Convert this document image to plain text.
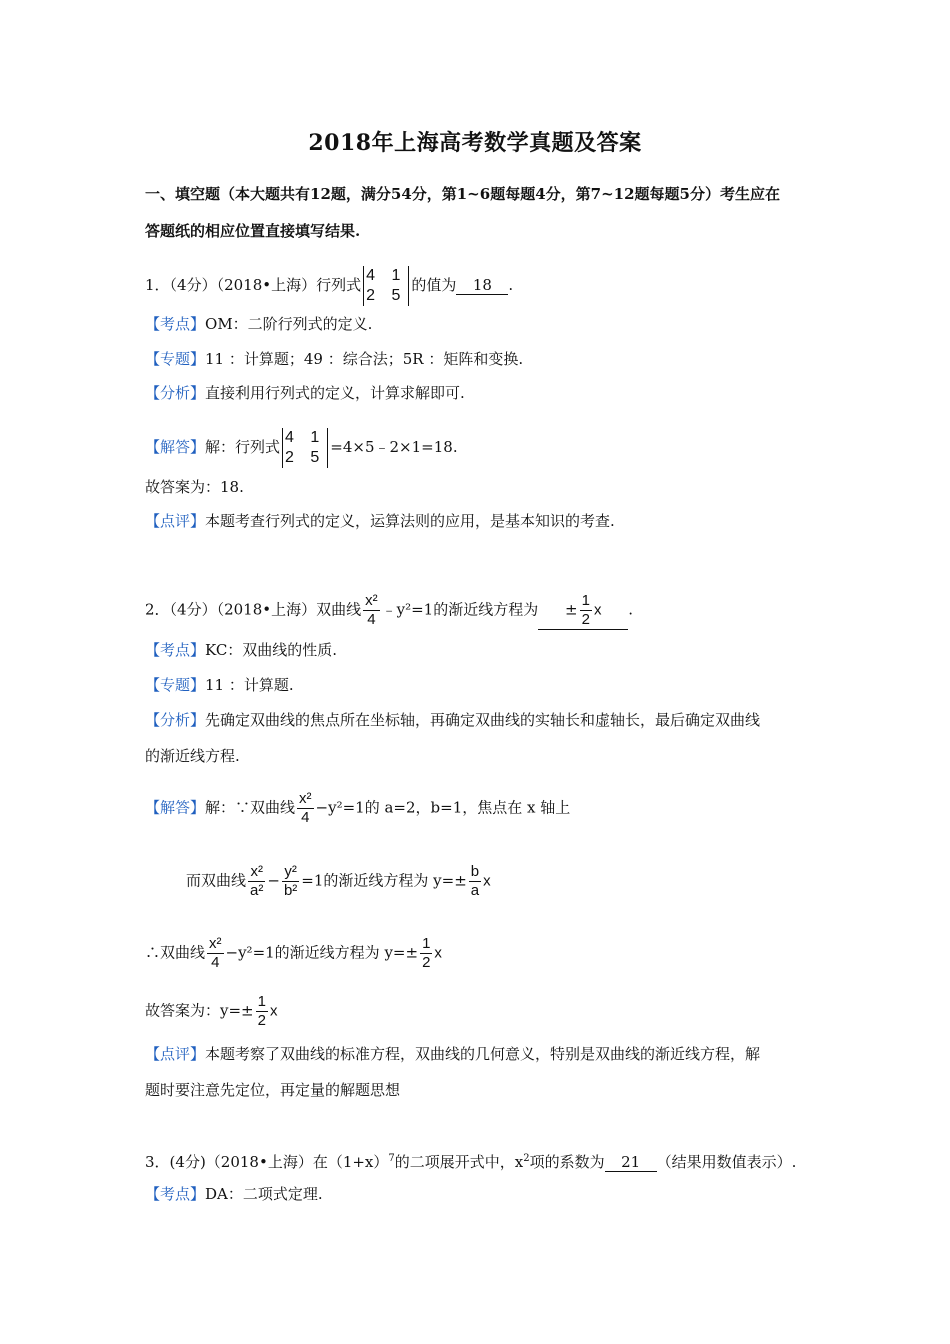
2018年上海高考数学真题及答案
一、填空题（本大题共有12题，满分54分，第1~6题每题4分，第7~12题每题5分）考生应在
答题纸的相应位置直接填写结果.
1．（4分）（2018•上海）行列式
4 1
2 5
的值为 18 .
【考点】OM：二阶行列式的定义.
【专题】11 ：计算题；49 ：综合法；5R ：矩阵和变换.
【分析】直接利用行列式的定义，计算求解即可.
【解答】解：行列式
4 1
2 5
=4×5﹣2×1=18.
故答案为：18.
【点评】本题考查行列式的定义，运算法则的应用，是基本知识的考查.
2．（4分）（2018•上海）双曲线 $\frac{\text{x²}}{4}$ ﹣y²=1的渐近线方程为 ± $\frac{1}{2}$ x .
【考点】KC：双曲线的性质.
【专题】11 ：计算题.
【分析】先确定双曲线的焦点所在坐标轴，再确定双曲线的实轴长和虚轴长，最后确定双曲线
的渐近线方程.
【解答】解：∵双曲线 $\frac{\text{x²}}{4} -y^2=1$的 a=2，b=1，焦点在 x 轴上
而双曲线 $\frac{\text{x²}}{\text{a²}} - \frac{\text{y²}}{\text{b²}} =1$的渐近线方程为 $y=\pm \frac{b}{a}$ x
∴双曲线 $\frac{\text{x²}}{4} -y^2=1$的渐近线方程为 $y=\pm \frac{1}{2}$ x
故答案为：$y=\pm \frac{1}{2}$ x
【点评】本题考察了双曲线的标准方程，双曲线的几何意义，特别是双曲线的渐近线方程，解
题时要注意先定位，再定量的解题思想
3．(4分)（2018•上海）在$(1+x)^7$的二项展开式中，$x^2$项的系数为 21 （结果用数值表示）.
【考点】DA：二项式定理.
